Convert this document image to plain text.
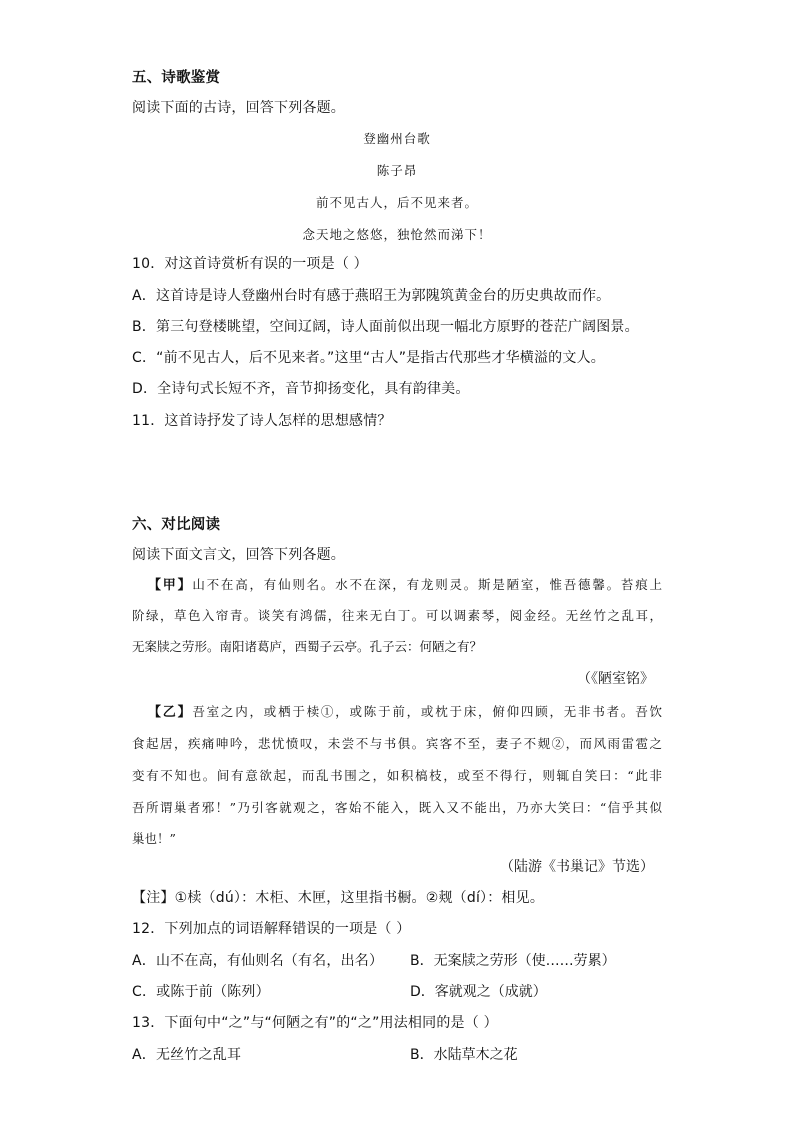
五、诗歌鉴赏
阅读下面的古诗，回答下列各题。
登幽州台歌
陈子昂
前不见古人，后不见来者。
念天地之悠悠，独怆然而涕下！
10．对这首诗赏析有误的一项是（ ）
A．这首诗是诗人登幽州台时有感于燕昭王为郭隗筑黄金台的历史典故而作。
B．第三句登楼眺望，空间辽阔，诗人面前似出现一幅北方原野的苍茫广阔图景。
C．“前不见古人，后不见来者。”这里“古人”是指古代那些才华横溢的文人。
D．全诗句式长短不齐，音节抑扬变化，具有韵律美。
11．这首诗抒发了诗人怎样的思想感情？
六、对比阅读
阅读下面文言文，回答下列各题。
【甲】山不在高，有仙则名。水不在深，有龙则灵。斯是陋室，惟吾德馨。苔痕上
阶绿，草色入帘青。谈笑有鸿儒，往来无白丁。可以调素琴，阅金经。无丝竹之乱耳，
无案牍之劳形。南阳诸葛庐，西蜀子云亭。孔子云：何陋之有？
（《陋室铭》
【乙】吾室之内，或栖于椟①，或陈于前，或枕于床，俯仰四顾，无非书者。吾饮
食起居，疾痛呻吟，悲忧愤叹，未尝不与书俱。宾客不至，妻子不觌②，而风雨雷雹之
变有不知也。间有意欲起，而乱书围之，如积槁枝，或至不得行，则辄自笑曰：“此非
吾所谓巢者邪！”乃引客就观之，客始不能入，既入又不能出，乃亦大笑曰：“信乎其似
巢也！”
（陆游《书巢记》节选）
【注】①椟（dú）：木柜、木匣，这里指书橱。②觌（dí）：相见。
12．下列加点的词语解释错误的一项是（ ）
A．山不在高，有仙则名（有名，出名） B．无案牍之劳形（使……劳累）
C．或陈于前（陈列）	D．客就观之（成就）
13．下面句中“之”与“何陋之有”的“之”用法相同的是（ ）
A．无丝竹之乱耳	B．水陆草木之花
